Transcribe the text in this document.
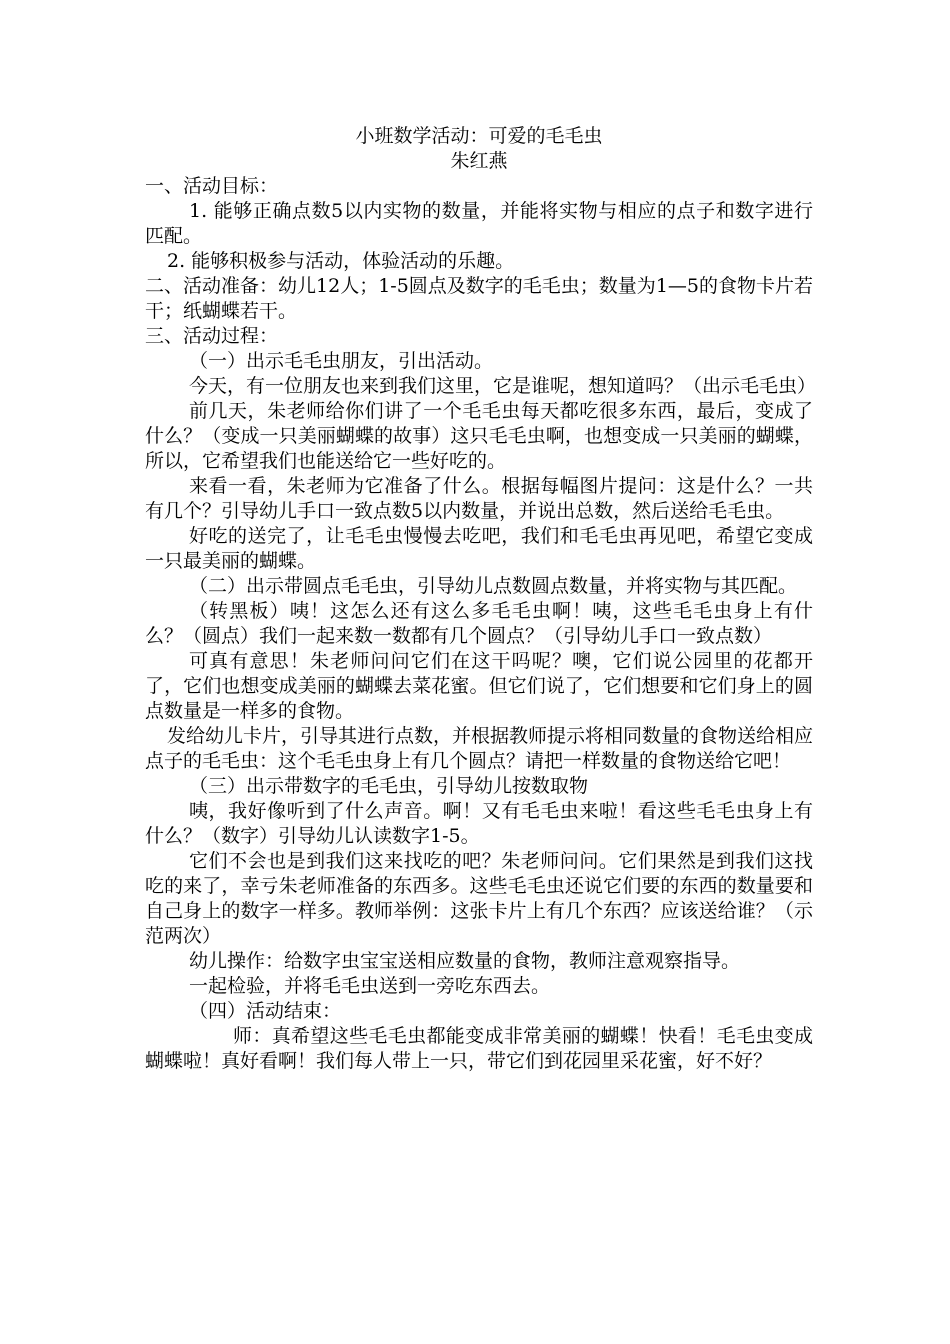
小班数学活动：可爱的毛毛虫
朱红燕

一、活动目标：

1. 能够正确点数5以内实物的数量，并能将实物与相应的点子和数字进行匹配。

2. 能够积极参与活动，体验活动的乐趣。

二、活动准备：幼儿12人；1-5圆点及数字的毛毛虫；数量为1—5的食物卡片若干；纸蝴蝶若干。

三、活动过程：

（一）出示毛毛虫朋友，引出活动。

今天，有一位朋友也来到我们这里，它是谁呢，想知道吗？（出示毛毛虫）

前几天，朱老师给你们讲了一个毛毛虫每天都吃很多东西，最后，变成了什么？（变成一只美丽蝴蝶的故事）这只毛毛虫啊，也想变成一只美丽的蝴蝶，所以，它希望我们也能送给它一些好吃的。

来看一看，朱老师为它准备了什么。根据每幅图片提问：这是什么？一共有几个？引导幼儿手口一致点数5以内数量，并说出总数，然后送给毛毛虫。

好吃的送完了，让毛毛虫慢慢去吃吧，我们和毛毛虫再见吧，希望它变成一只最美丽的蝴蝶。

（二）出示带圆点毛毛虫，引导幼儿点数圆点数量，并将实物与其匹配。

（转黑板）咦！这怎么还有这么多毛毛虫啊！咦，这些毛毛虫身上有什么？（圆点）我们一起来数一数都有几个圆点？（引导幼儿手口一致点数）

可真有意思！朱老师问问它们在这干吗呢？噢，它们说公园里的花都开了，它们也想变成美丽的蝴蝶去菜花蜜。但它们说了，它们想要和它们身上的圆点数量是一样多的食物。

发给幼儿卡片，引导其进行点数，并根据教师提示将相同数量的食物送给相应点子的毛毛虫：这个毛毛虫身上有几个圆点？请把一样数量的食物送给它吧！

（三）出示带数字的毛毛虫，引导幼儿按数取物

咦，我好像听到了什么声音。啊！又有毛毛虫来啦！看这些毛毛虫身上有什么？（数字）引导幼儿认读数字1-5。

它们不会也是到我们这来找吃的吧？朱老师问问。它们果然是到我们这找吃的来了，幸亏朱老师准备的东西多。这些毛毛虫还说它们要的东西的数量要和自己身上的数字一样多。教师举例：这张卡片上有几个东西？应该送给谁？（示范两次）

幼儿操作：给数字虫宝宝送相应数量的食物，教师注意观察指导。

一起检验，并将毛毛虫送到一旁吃东西去。

（四）活动结束：

师：真希望这些毛毛虫都能变成非常美丽的蝴蝶！快看！毛毛虫变成蝴蝶啦！真好看啊！我们每人带上一只，带它们到花园里采花蜜，好不好？
